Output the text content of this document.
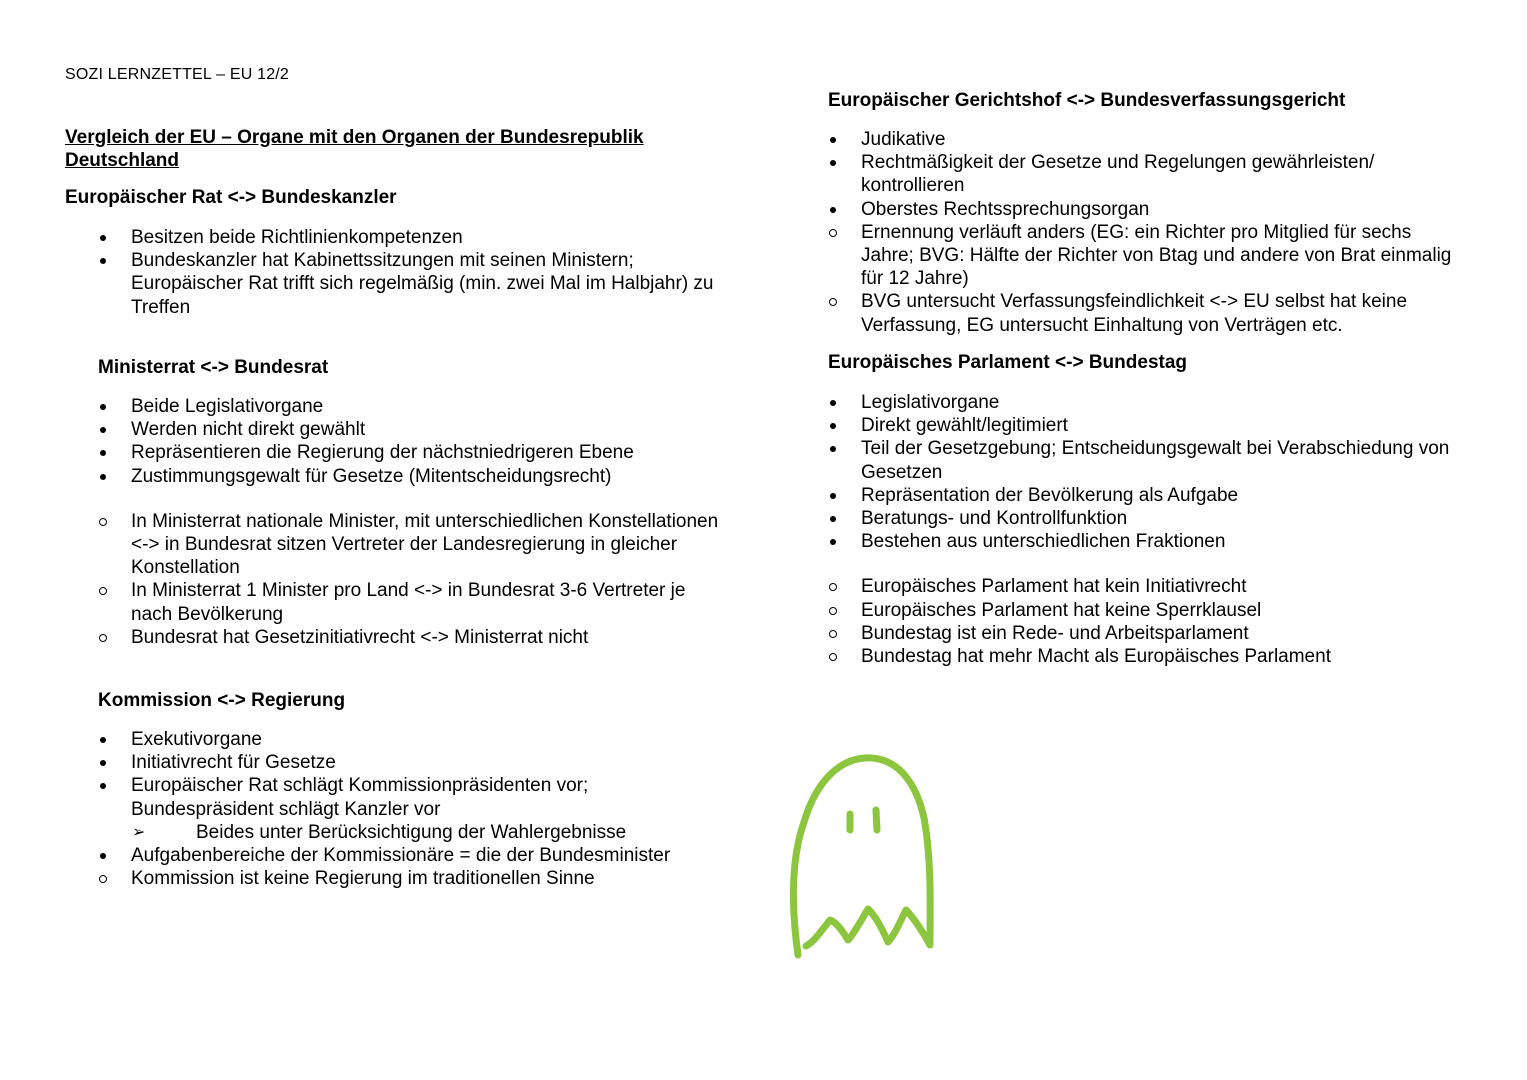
SOZI LERNZETTEL – EU 12/2
Vergleich der EU – Organe mit den Organen der Bundesrepublik Deutschland
Europäischer Rat <-> Bundeskanzler
Besitzen beide Richtlinienkompetenzen
Bundeskanzler hat Kabinettssitzungen mit seinen Ministern; Europäischer Rat trifft sich regelmäßig (min. zwei Mal im Halbjahr) zu Treffen
Ministerrat <-> Bundesrat
Beide Legislativorgane
Werden nicht direkt gewählt
Repräsentieren die Regierung der nächstniedrigeren Ebene
Zustimmungsgewalt für Gesetze (Mitentscheidungsrecht)
In Ministerrat nationale Minister, mit unterschiedlichen Konstellationen <-> in Bundesrat sitzen Vertreter der Landesregierung in gleicher Konstellation
In Ministerrat 1 Minister pro Land <-> in Bundesrat 3-6 Vertreter je nach Bevölkerung
Bundesrat hat Gesetzinitiativrecht <-> Ministerrat nicht
Kommission <-> Regierung
Exekutivorgane
Initiativrecht für Gesetze
Europäischer Rat schlägt Kommissionpräsidenten vor; Bundespräsident schlägt Kanzler vor
➢	Beides unter Berücksichtigung der Wahlergebnisse
Aufgabenbereiche der Kommissionäre = die der Bundesminister
Kommission ist keine Regierung im traditionellen Sinne
Europäischer Gerichtshof <-> Bundesverfassungsgericht
Judikative
Rechtmäßigkeit der Gesetze und Regelungen gewährleisten/ kontrollieren
Oberstes Rechtssprechungsorgan
Ernennung verläuft anders (EG: ein Richter pro Mitglied für sechs Jahre; BVG: Hälfte der Richter von Btag und andere von Brat einmalig für 12 Jahre)
BVG untersucht Verfassungsfeindlichkeit <-> EU selbst hat keine Verfassung, EG untersucht Einhaltung von Verträgen etc.
Europäisches Parlament <-> Bundestag
Legislativorgane
Direkt gewählt/legitimiert
Teil der Gesetzgebung; Entscheidungsgewalt bei Verabschiedung von Gesetzen
Repräsentation der Bevölkerung als Aufgabe
Beratungs- und Kontrollfunktion
Bestehen aus unterschiedlichen Fraktionen
Europäisches Parlament hat kein Initiativrecht
Europäisches Parlament hat keine Sperrklausel
Bundestag ist ein Rede- und Arbeitsparlament
Bundestag hat mehr Macht als Europäisches Parlament
